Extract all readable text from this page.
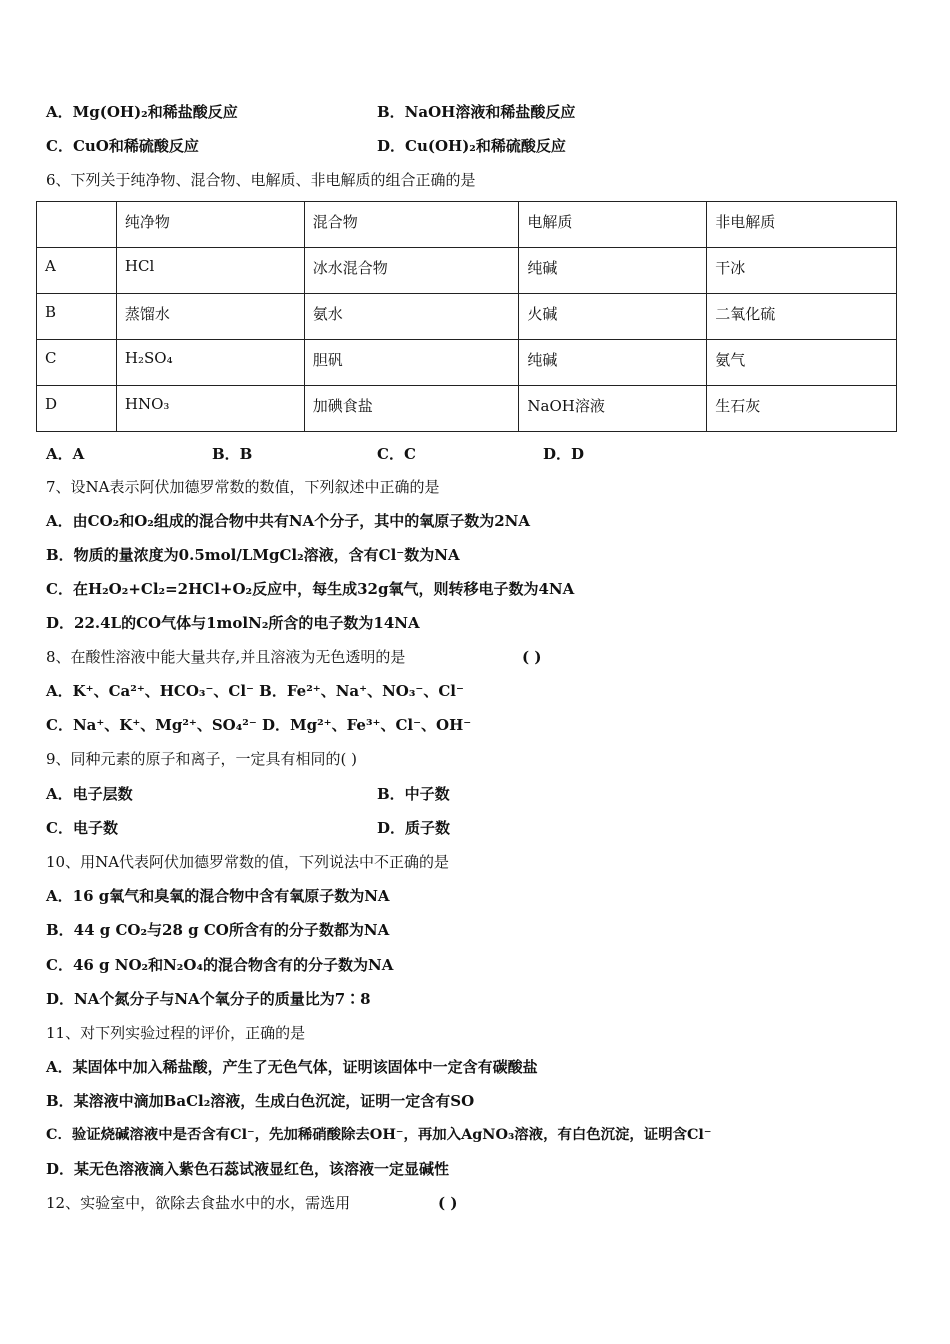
A．Mg(OH)₂和稀盐酸反应	B．NaOH溶液和稀盐酸反应
C．CuO和稀硫酸反应	D．Cu(OH)₂和稀硫酸反应
6、下列关于纯净物、混合物、电解质、非电解质的组合正确的是
	纯净物	混合物	电解质	非电解质
A	HCl	冰水混合物	纯碱	干冰
B	蒸馏水	氨水	火碱	二氧化硫
C	H₂SO₄	胆矾	纯碱	氨气
D	HNO₃	加碘食盐	NaOH溶液	生石灰
A．A	B．B	C．C	D．D
7、设NA表示阿伏加德罗常数的数值，下列叙述中正确的是
A．由CO₂和O₂组成的混合物中共有NA个分子，其中的氧原子数为2NA
B．物质的量浓度为0.5mol/LMgCl₂溶液，含有Cl⁻数为NA
C．在H₂O₂+Cl₂=2HCl+O₂反应中，每生成32g氧气，则转移电子数为4NA
D．22.4L的CO气体与1molN₂所含的电子数为14NA
8、在酸性溶液中能大量共存,并且溶液为无色透明的是	( )
A．K⁺、Ca²⁺、HCO₃⁻、Cl⁻ B．Fe²⁺、Na⁺、NO₃⁻、Cl⁻
C．Na⁺、K⁺、Mg²⁺、SO₄²⁻ D．Mg²⁺、Fe³⁺、Cl⁻、OH⁻
9、同种元素的原子和离子，一定具有相同的( )
A．电子层数	B．中子数
C．电子数	D．质子数
10、用NA代表阿伏加德罗常数的值，下列说法中不正确的是
A．16 g氧气和臭氧的混合物中含有氧原子数为NA
B．44 g CO₂与28 g CO所含有的分子数都为NA
C．46 g NO₂和N₂O₄的混合物含有的分子数为NA
D．NA个氮分子与NA个氧分子的质量比为7∶8
11、对下列实验过程的评价，正确的是
A．某固体中加入稀盐酸，产生了无色气体，证明该固体中一定含有碳酸盐
B．某溶液中滴加BaCl₂溶液，生成白色沉淀，证明一定含有SO
C．验证烧碱溶液中是否含有Cl⁻，先加稀硝酸除去OH⁻，再加入AgNO₃溶液，有白色沉淀，证明含Cl⁻
D．某无色溶液滴入紫色石蕊试液显红色，该溶液一定显碱性
12、实验室中，欲除去食盐水中的水，需选用	( )
